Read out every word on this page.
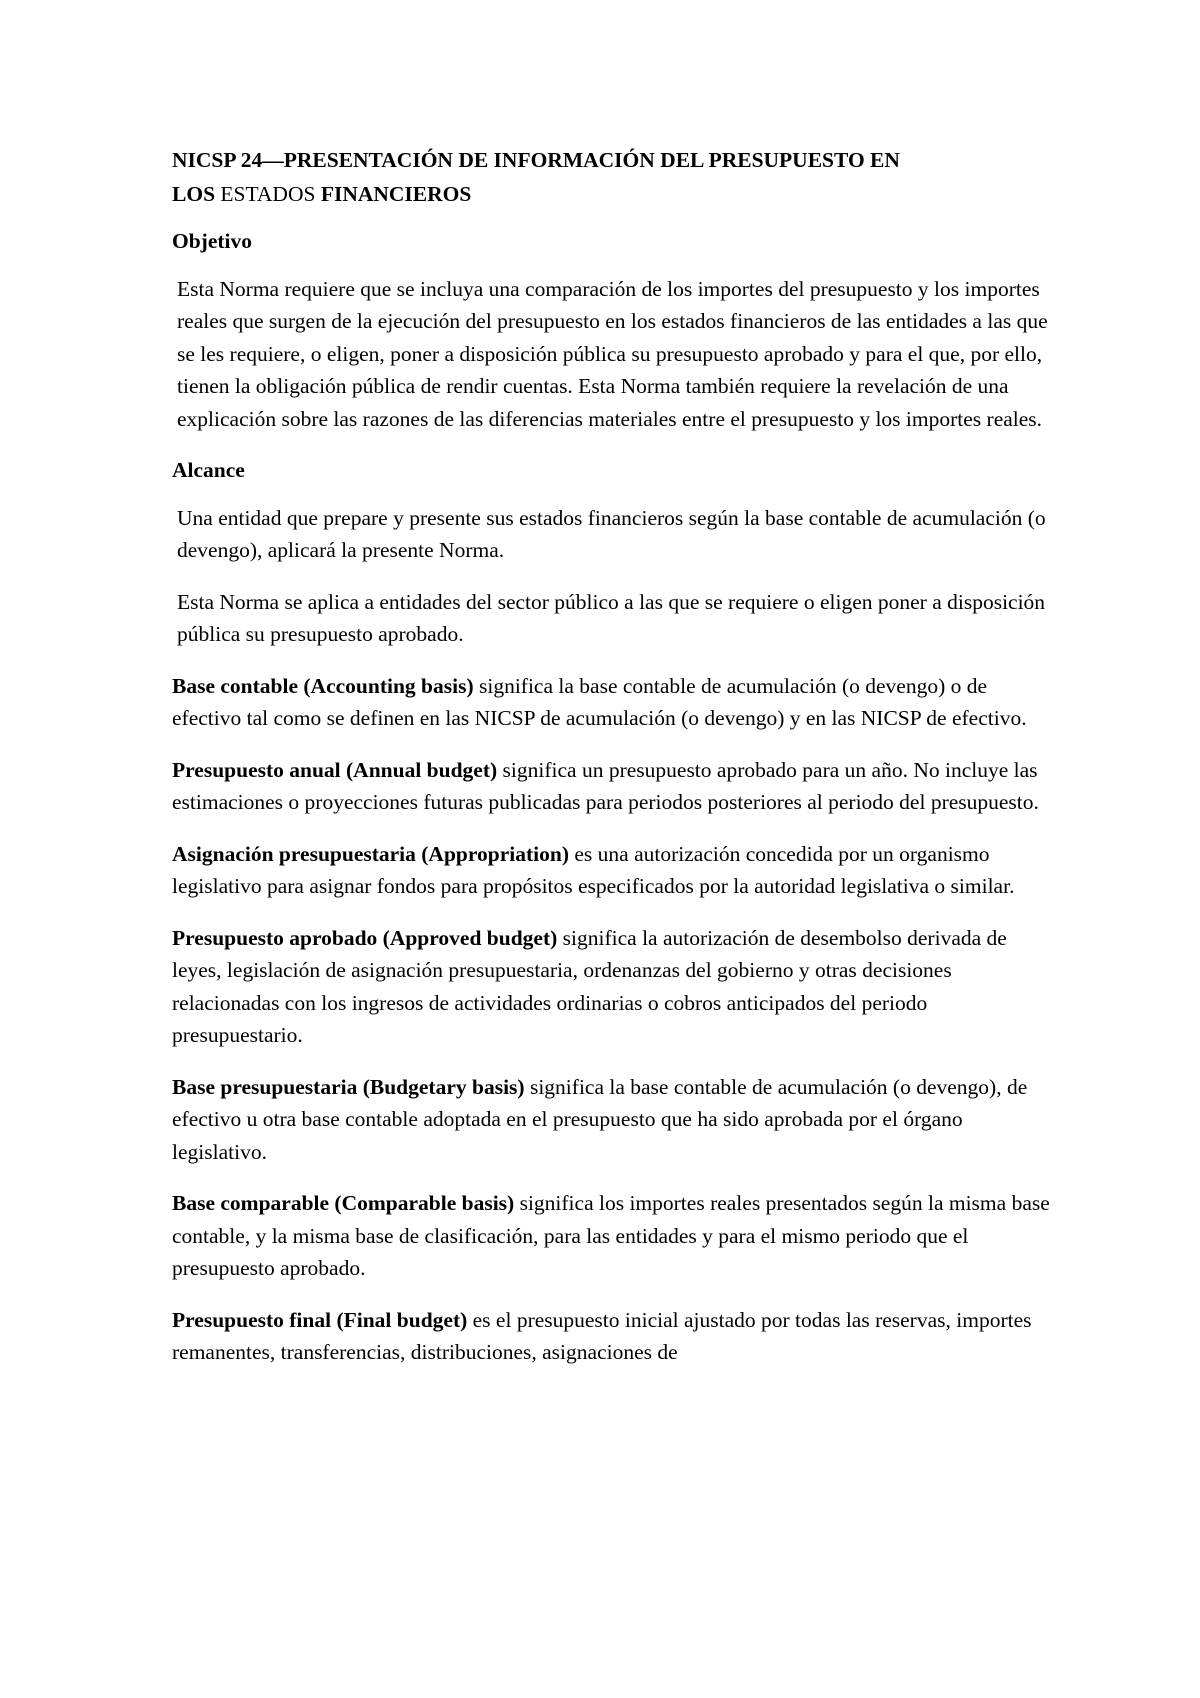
NICSP 24—PRESENTACIÓN DE INFORMACIÓN DEL PRESUPUESTO EN
LOS ESTADOS FINANCIEROS
Objetivo

Esta Norma requiere que se incluya una comparación de los importes del presupuesto y los importes reales que surgen de la ejecución del presupuesto en los estados financieros de las entidades a las que se les requiere, o eligen, poner a disposición pública su presupuesto aprobado y para el que, por ello, tienen la obligación pública de rendir cuentas. Esta Norma también requiere la revelación de una explicación sobre las razones de las diferencias materiales entre el presupuesto y los importes reales.

Alcance

Una entidad que prepare y presente sus estados financieros según la base contable de acumulación (o devengo), aplicará la presente Norma.

Esta Norma se aplica a entidades del sector público a las que se requiere o eligen poner a disposición pública su presupuesto aprobado.

Base contable (Accounting basis) significa la base contable de acumulación (o devengo) o de efectivo tal como se definen en las NICSP de acumulación (o devengo) y en las NICSP de efectivo.

Presupuesto anual (Annual budget) significa un presupuesto aprobado para un año. No incluye las estimaciones o proyecciones futuras publicadas para periodos posteriores al periodo del presupuesto.

Asignación presupuestaria (Appropriation) es una autorización concedida por un organismo legislativo para asignar fondos para propósitos especificados por la autoridad legislativa o similar.

Presupuesto aprobado (Approved budget) significa la autorización de desembolso derivada de leyes, legislación de asignación presupuestaria, ordenanzas del gobierno y otras decisiones relacionadas con los ingresos de actividades ordinarias o cobros anticipados del periodo presupuestario.

Base presupuestaria (Budgetary basis) significa la base contable de acumulación (o devengo), de efectivo u otra base contable adoptada en el presupuesto que ha sido aprobada por el órgano legislativo.

Base comparable (Comparable basis) significa los importes reales presentados según la misma base contable, y la misma base de clasificación, para las entidades y para el mismo periodo que el presupuesto aprobado.

Presupuesto final (Final budget) es el presupuesto inicial ajustado por todas las reservas, importes remanentes, transferencias, distribuciones, asignaciones de
